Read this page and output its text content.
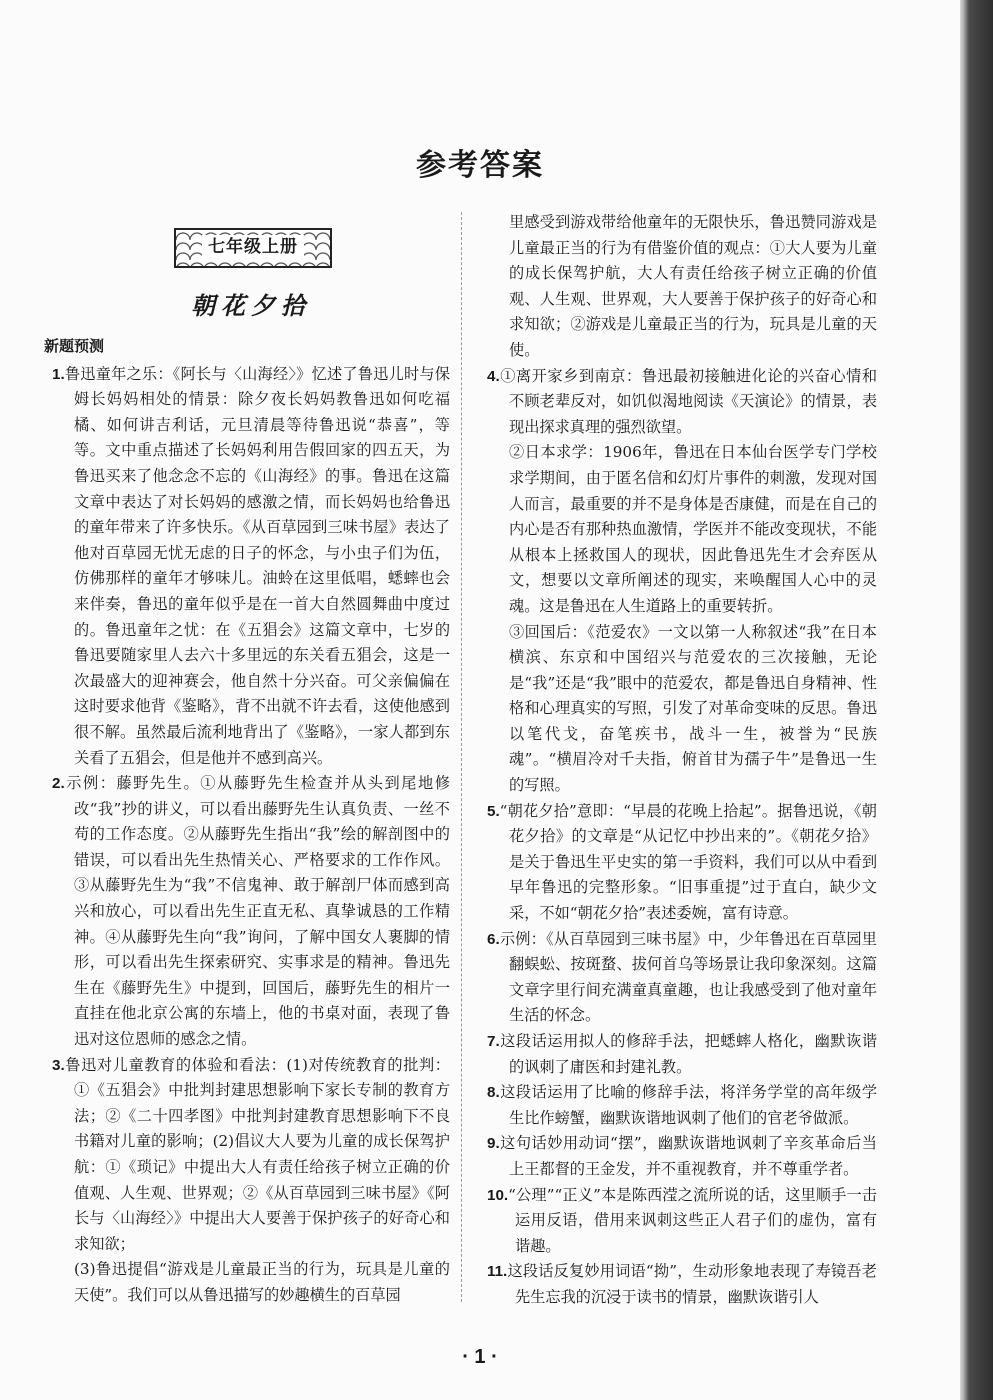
参考答案
七年级上册
朝花夕拾
新题预测
1.鲁迅童年之乐：《阿长与〈山海经〉》忆述了鲁迅儿时与保姆长妈妈相处的情景：除夕夜长妈妈教鲁迅如何吃福橘、如何讲吉利话，元旦清晨等待鲁迅说“恭喜”，等等。文中重点描述了长妈妈利用告假回家的四五天，为鲁迅买来了他念念不忘的《山海经》的事。鲁迅在这篇文章中表达了对长妈妈的感激之情，而长妈妈也给鲁迅的童年带来了许多快乐。《从百草园到三味书屋》表达了他对百草园无忧无虑的日子的怀念，与小虫子们为伍，仿佛那样的童年才够味儿。油蛉在这里低唱，蟋蟀也会来伴奏，鲁迅的童年似乎是在一首大自然圆舞曲中度过的。鲁迅童年之忧：在《五猖会》这篇文章中，七岁的鲁迅要随家里人去六十多里远的东关看五猖会，这是一次最盛大的迎神赛会，他自然十分兴奋。可父亲偏偏在这时要求他背《鉴略》，背不出就不许去看，这使他感到很不解。虽然最后流利地背出了《鉴略》，一家人都到东关看了五猖会，但是他并不感到高兴。
2.示例：藤野先生。①从藤野先生检查并从头到尾地修改“我”抄的讲义，可以看出藤野先生认真负责、一丝不苟的工作态度。②从藤野先生指出“我”绘的解剖图中的错误，可以看出先生热情关心、严格要求的工作作风。③从藤野先生为“我”不信鬼神、敢于解剖尸体而感到高兴和放心，可以看出先生正直无私、真挚诚恳的工作精神。④从藤野先生向“我”询问，了解中国女人裹脚的情形，可以看出先生探索研究、实事求是的精神。鲁迅先生在《藤野先生》中提到，回国后，藤野先生的相片一直挂在他北京公寓的东墙上，他的书桌对面，表现了鲁迅对这位恩师的感念之情。
3.鲁迅对儿童教育的体验和看法：(1)对传统教育的批判：①《五猖会》中批判封建思想影响下家长专制的教育方法；②《二十四孝图》中批判封建教育思想影响下不良书籍对儿童的影响；(2)倡议大人要为儿童的成长保驾护航：①《琐记》中提出大人有责任给孩子树立正确的价值观、人生观、世界观；②《从百草园到三味书屋》《阿长与〈山海经〉》中提出大人要善于保护孩子的好奇心和求知欲；
(3)鲁迅提倡“游戏是儿童最正当的行为，玩具是儿童的天使”。我们可以从鲁迅描写的妙趣横生的百草园
里感受到游戏带给他童年的无限快乐，鲁迅赞同游戏是儿童最正当的行为有借鉴价值的观点：①大人要为儿童的成长保驾护航，大人有责任给孩子树立正确的价值观、人生观、世界观，大人要善于保护孩子的好奇心和求知欲；②游戏是儿童最正当的行为，玩具是儿童的天使。
4.①离开家乡到南京：鲁迅最初接触进化论的兴奋心情和不顾老辈反对，如饥似渴地阅读《天演论》的情景，表现出探求真理的强烈欲望。
②日本求学：1906年，鲁迅在日本仙台医学专门学校求学期间，由于匿名信和幻灯片事件的刺激，发现对国人而言，最重要的并不是身体是否康健，而是在自己的内心是否有那种热血激情，学医并不能改变现状，不能从根本上拯救国人的现状，因此鲁迅先生才会弃医从文，想要以文章所阐述的现实，来唤醒国人心中的灵魂。这是鲁迅在人生道路上的重要转折。
③回国后：《范爱农》一文以第一人称叙述“我”在日本横滨、东京和中国绍兴与范爱农的三次接触，无论是“我”还是“我”眼中的范爱农，都是鲁迅自身精神、性格和心理真实的写照，引发了对革命变味的反思。鲁迅以笔代戈，奋笔疾书，战斗一生，被誉为“民族魂”。“横眉冷对千夫指，俯首甘为孺子牛”是鲁迅一生的写照。
5.“朝花夕拾”意即：“早晨的花晚上拾起”。据鲁迅说，《朝花夕拾》的文章是“从记忆中抄出来的”。《朝花夕拾》是关于鲁迅生平史实的第一手资料，我们可以从中看到早年鲁迅的完整形象。“旧事重提”过于直白，缺少文采，不如“朝花夕拾”表述委婉，富有诗意。
6.示例：《从百草园到三味书屋》中，少年鲁迅在百草园里翻蜈蚣、按斑蝥、拔何首乌等场景让我印象深刻。这篇文章字里行间充满童真童趣，也让我感受到了他对童年生活的怀念。
7.这段话运用拟人的修辞手法，把蟋蟀人格化，幽默诙谐的讽刺了庸医和封建礼教。
8.这段话运用了比喻的修辞手法，将洋务学堂的高年级学生比作螃蟹，幽默诙谐地讽刺了他们的官老爷做派。
9.这句话妙用动词“摆”，幽默诙谐地讽刺了辛亥革命后当上王都督的王金发，并不重视教育，并不尊重学者。
10.“公理”“正义”本是陈西滢之流所说的话，这里顺手一击运用反语，借用来讽刺这些正人君子们的虚伪，富有谐趣。
11.这段话反复妙用词语“拗”，生动形象地表现了寿镜吾老先生忘我的沉浸于读书的情景，幽默诙谐引人
· 1 ·
